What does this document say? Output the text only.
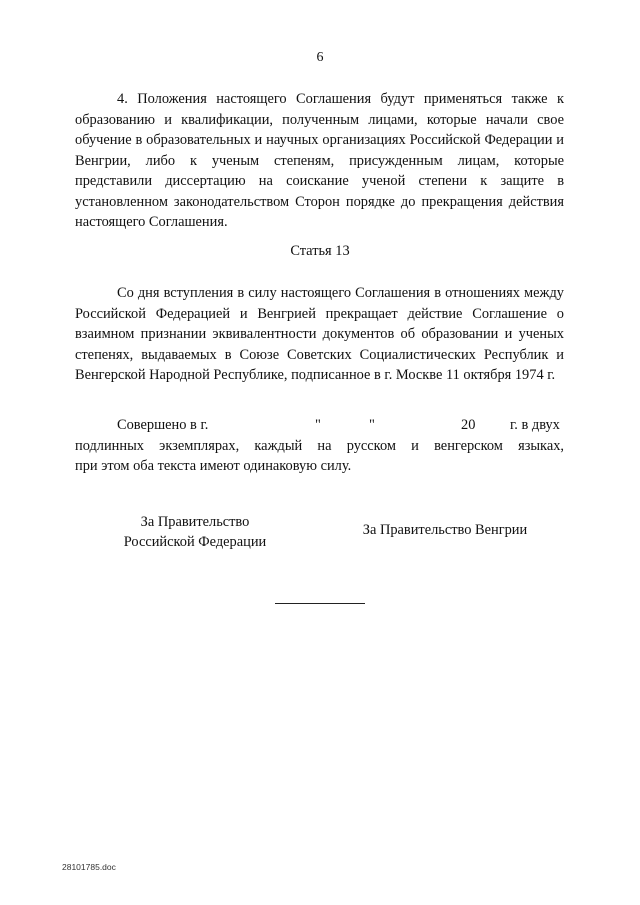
6
4. Положения настоящего Соглашения будут применяться также к образованию и квалификации, полученным лицами, которые начали свое обучение в образовательных и научных организациях Российской Федерации и Венгрии, либо к ученым степеням, присужденным лицам, которые представили диссертацию на соискание ученой степени к защите в установленном законодательством Сторон порядке до прекращения действия настоящего Соглашения.
Статья 13
Со дня вступления в силу настоящего Соглашения в отношениях между Российской Федерацией и Венгрией прекращает действие Соглашение о взаимном признании эквивалентности документов об образовании и ученых степенях, выдаваемых в Союзе Советских Социалистических Республик и Венгерской Народной Республике, подписанное в г. Москве 11 октября 1974 г.
Совершено в г.	"	"	20 г. в двух
подлинных экземплярах, каждый на русском и венгерском языках,
при этом оба текста имеют одинаковую силу.
За Правительство
Российской Федерации
За Правительство Венгрии
28101785.doc
